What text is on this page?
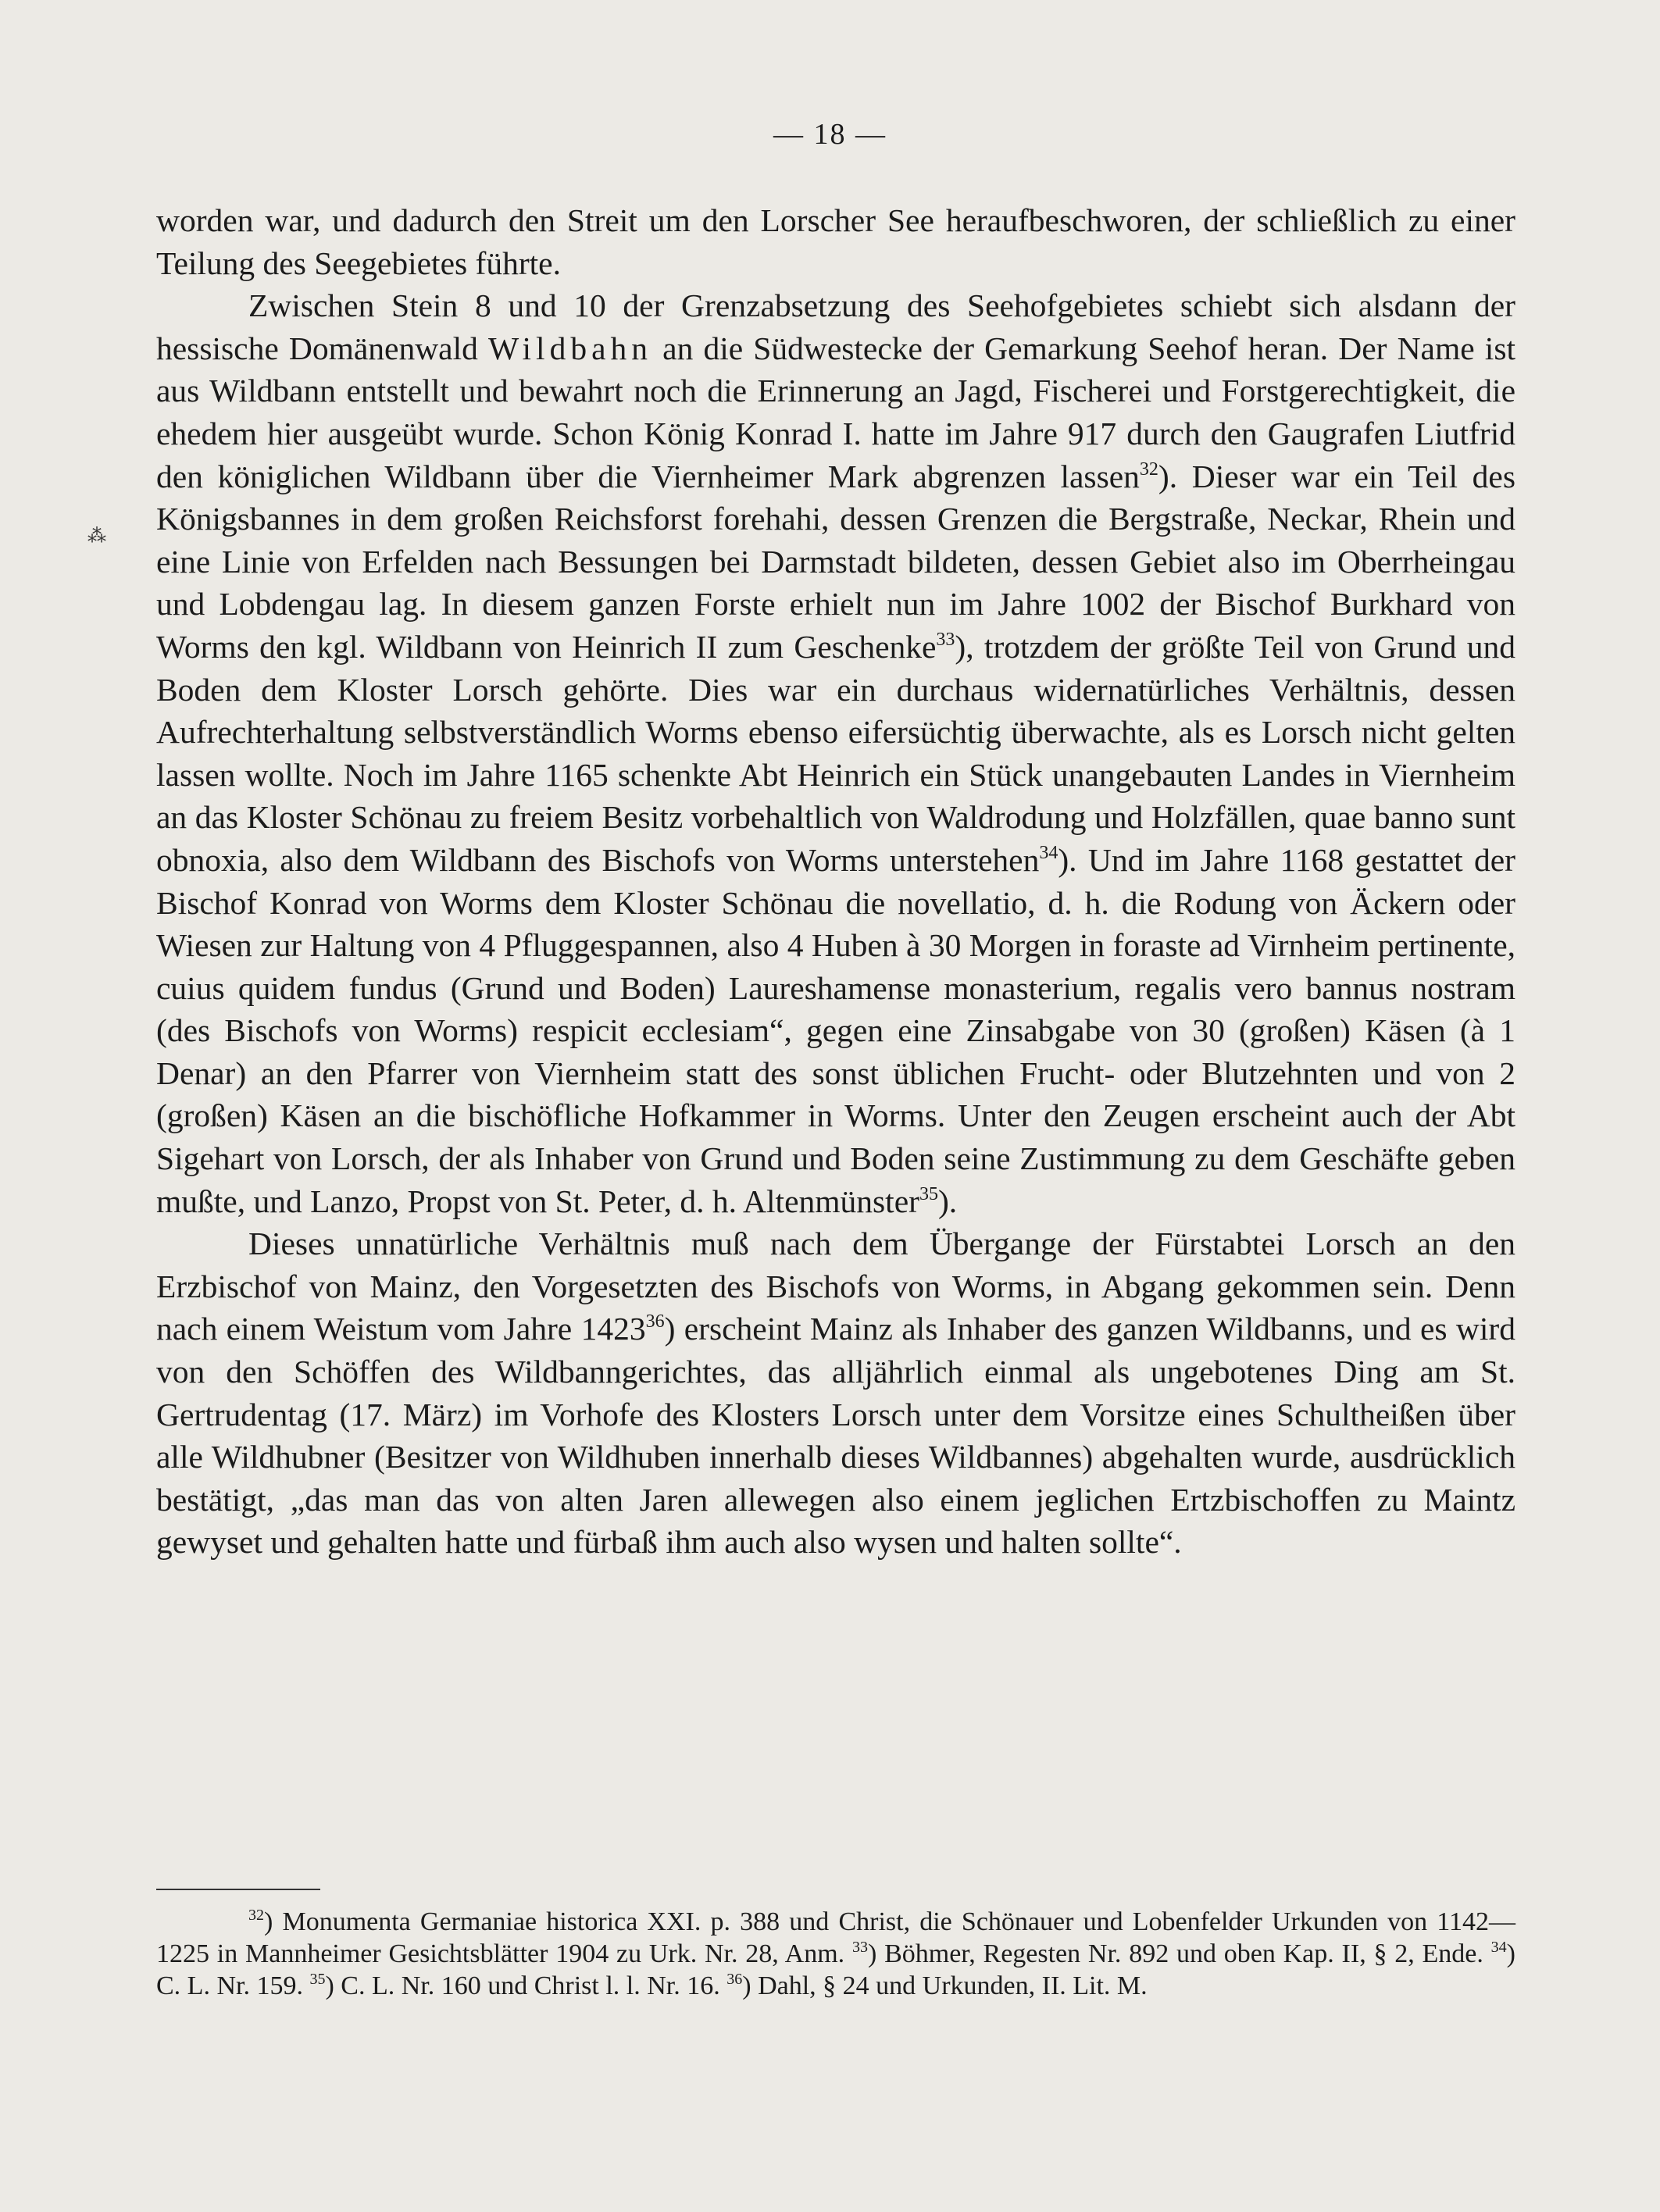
— 18 —
⁂

worden war, und dadurch den Streit um den Lorscher See heraufbeschworen, der schließlich zu einer Teilung des Seegebietes führte.

Zwischen Stein 8 und 10 der Grenzabsetzung des Seehofgebietes schiebt sich alsdann der hessische Domänenwald Wildbahn an die Südwestecke der Gemarkung Seehof heran. Der Name ist aus Wildbann entstellt und bewahrt noch die Erinnerung an Jagd, Fischerei und Forstgerechtigkeit, die ehedem hier ausgeübt wurde. Schon König Konrad I. hatte im Jahre 917 durch den Gaugrafen Liutfrid den königlichen Wildbann über die Viernheimer Mark abgrenzen lassen$^{32}$). Dieser war ein Teil des Königsbannes in dem großen Reichsforst forehahi, dessen Grenzen die Bergstraße, Neckar, Rhein und eine Linie von Erfelden nach Bessungen bei Darmstadt bildeten, dessen Gebiet also im Oberrheingau und Lobdengau lag. In diesem ganzen Forste erhielt nun im Jahre 1002 der Bischof Burkhard von Worms den kgl. Wildbann von Heinrich II zum Geschenke$^{33}$), trotzdem der größte Teil von Grund und Boden dem Kloster Lorsch gehörte. Dies war ein durchaus widernatürliches Verhältnis, dessen Aufrechterhaltung selbstverständlich Worms ebenso eifersüchtig überwachte, als es Lorsch nicht gelten lassen wollte. Noch im Jahre 1165 schenkte Abt Heinrich ein Stück unangebauten Landes in Viernheim an das Kloster Schönau zu freiem Besitz vorbehaltlich von Waldrodung und Holzfällen, quae banno sunt obnoxia, also dem Wildbann des Bischofs von Worms unterstehen$^{34}$). Und im Jahre 1168 gestattet der Bischof Konrad von Worms dem Kloster Schönau die novellatio, d. h. die Rodung von Äckern oder Wiesen zur Haltung von 4 Pfluggespannen, also 4 Huben à 30 Morgen in foraste ad Virnheim pertinente, cuius quidem fundus (Grund und Boden) Laureshamense monasterium, regalis vero bannus nostram (des Bischofs von Worms) respicit ecclesiam“, gegen eine Zinsabgabe von 30 (großen) Käsen (à 1 Denar) an den Pfarrer von Viernheim statt des sonst üblichen Frucht- oder Blutzehnten und von 2 (großen) Käsen an die bischöfliche Hofkammer in Worms. Unter den Zeugen erscheint auch der Abt Sigehart von Lorsch, der als Inhaber von Grund und Boden seine Zustimmung zu dem Geschäfte geben mußte, und Lanzo, Propst von St. Peter, d. h. Altenmünster$^{35}$).

Dieses unnatürliche Verhältnis muß nach dem Übergange der Fürstabtei Lorsch an den Erzbischof von Mainz, den Vorgesetzten des Bischofs von Worms, in Abgang gekommen sein. Denn nach einem Weistum vom Jahre 1423$^{36}$) erscheint Mainz als Inhaber des ganzen Wildbanns, und es wird von den Schöffen des Wildbanngerichtes, das alljährlich einmal als ungebotenes Ding am St. Gertrudentag (17. März) im Vorhofe des Klosters Lorsch unter dem Vorsitze eines Schultheißen über alle Wildhubner (Besitzer von Wildhuben innerhalb dieses Wildbannes) abgehalten wurde, ausdrücklich bestätigt, „das man das von alten Jaren allewegen also einem jeglichen Ertzbischoffen zu Maintz gewyset und gehalten hatte und fürbaß ihm auch also wysen und halten sollte“.

$^{32}$) Monumenta Germaniae historica XXI. p. 388 und Christ, die Schönauer und Lobenfelder Urkunden von 1142—1225 in Mannheimer Gesichtsblätter 1904 zu Urk. Nr. 28, Anm. $^{33}$) Böhmer, Regesten Nr. 892 und oben Kap. II, § 2, Ende. $^{34}$) C. L. Nr. 159. $^{35}$) C. L. Nr. 160 und Christ l. l. Nr. 16. $^{36}$) Dahl, § 24 und Urkunden, II. Lit. M.
